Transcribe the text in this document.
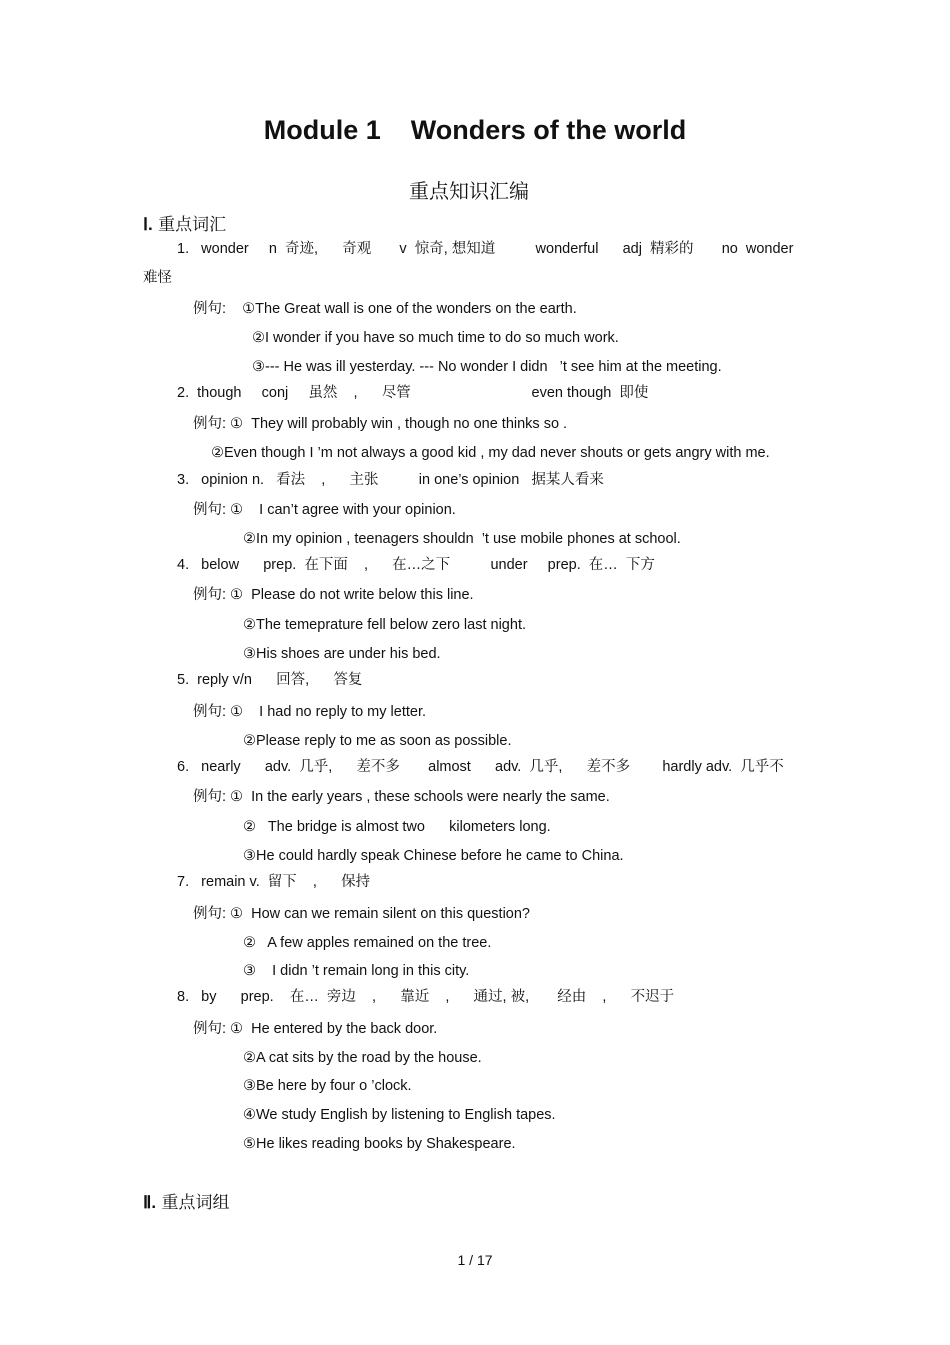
Module 1    Wonders of the world
重点知识汇编
Ⅰ. 重点词汇
1.   wonder     n  奇迹,      奇观       v  惊奇, 想知道          wonderful      adj  精彩的       no  wonder
难怪
例句:    ①The Great wall is one of the wonders on the earth.
②I wonder if you have so much time to do so much work.
③--- He was ill yesterday. --- No wonder I didn   ’t see him at the meeting.
2.  though     conj     虽然    ,      尽管                              even though  即使
例句: ①  They will probably win , though no one thinks so .
②Even though I ’m not always a good kid , my dad never shouts or gets angry with me.
3.   opinion n.   看法    ,      主张          in one’s opinion   据某人看来
例句: ①    I can’t agree with your opinion.
②In my opinion , teenagers shouldn  ’t use mobile phones at school.
4.   below      prep.  在下面    ,      在…之下          under     prep.  在…  下方
例句: ①  Please do not write below this line.
②The temeprature fell below zero last night.
③His shoes are under his bed.
5.  reply v/n      回答,      答复
例句: ①    I had no reply to my letter.
②Please reply to me as soon as possible.
6.   nearly      adv.  几乎,      差不多       almost      adv.  几乎,      差不多        hardly adv.  几乎不
例句: ①  In the early years , these schools were nearly the same.
②   The bridge is almost two      kilometers long.
③He could hardly speak Chinese before he came to China.
7.   remain v.  留下    ,      保持
例句: ①  How can we remain silent on this question?
②   A few apples remained on the tree.
③    I didn ’t remain long in this city.
8.   by      prep.    在…  旁边    ,      靠近    ,      通过, 被,       经由    ,      不迟于
例句: ①  He entered by the back door.
②A cat sits by the road by the house.
③Be here by four o ’clock.
④We study English by listening to English tapes.
⑤He likes reading books by Shakespeare.
Ⅱ. 重点词组
1 / 17
